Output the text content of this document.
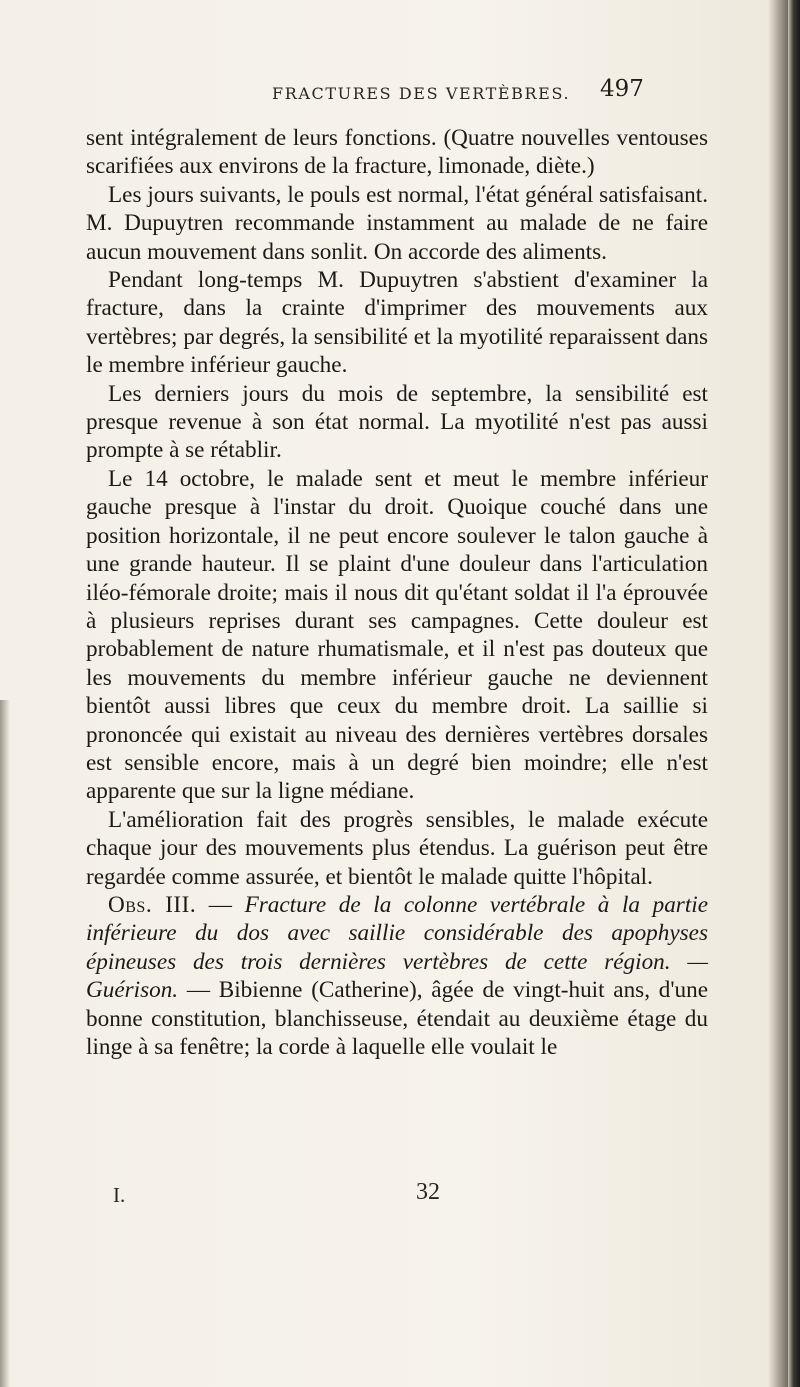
FRACTURES DES VERTÈBRES. 497

sent intégralement de leurs fonctions. (Quatre nouvelles ventouses scarifiées aux environs de la fracture, limonade, diète.)

Les jours suivants, le pouls est normal, l'état général satisfaisant. M. Dupuytren recommande instamment au malade de ne faire aucun mouvement dans sonlit. On accorde des aliments.

Pendant long-temps M. Dupuytren s'abstient d'examiner la fracture, dans la crainte d'imprimer des mouvements aux vertèbres; par degrés, la sensibilité et la myotilité reparaissent dans le membre inférieur gauche.

Les derniers jours du mois de septembre, la sensibilité est presque revenue à son état normal. La myotilité n'est pas aussi prompte à se rétablir.

Le 14 octobre, le malade sent et meut le membre inférieur gauche presque à l'instar du droit. Quoique couché dans une position horizontale, il ne peut encore soulever le talon gauche à une grande hauteur. Il se plaint d'une douleur dans l'articulation iléo-fémorale droite; mais il nous dit qu'étant soldat il l'a éprouvée à plusieurs reprises durant ses campagnes. Cette douleur est probablement de nature rhumatismale, et il n'est pas douteux que les mouvements du membre inférieur gauche ne deviennent bientôt aussi libres que ceux du membre droit. La saillie si prononcée qui existait au niveau des dernières vertèbres dorsales est sensible encore, mais à un degré bien moindre; elle n'est apparente que sur la ligne médiane.

L'amélioration fait des progrès sensibles, le malade exécute chaque jour des mouvements plus étendus. La guérison peut être regardée comme assurée, et bientôt le malade quitte l'hôpital.

Obs. III. — Fracture de la colonne vertébrale à la partie inférieure du dos avec saillie considérable des apophyses épineuses des trois dernières vertèbres de cette région. — Guérison. — Bibienne (Catherine), âgée de vingt-huit ans, d'une bonne constitution, blanchisseuse, étendait au deuxième étage du linge à sa fenêtre; la corde à laquelle elle voulait le

I.	32
